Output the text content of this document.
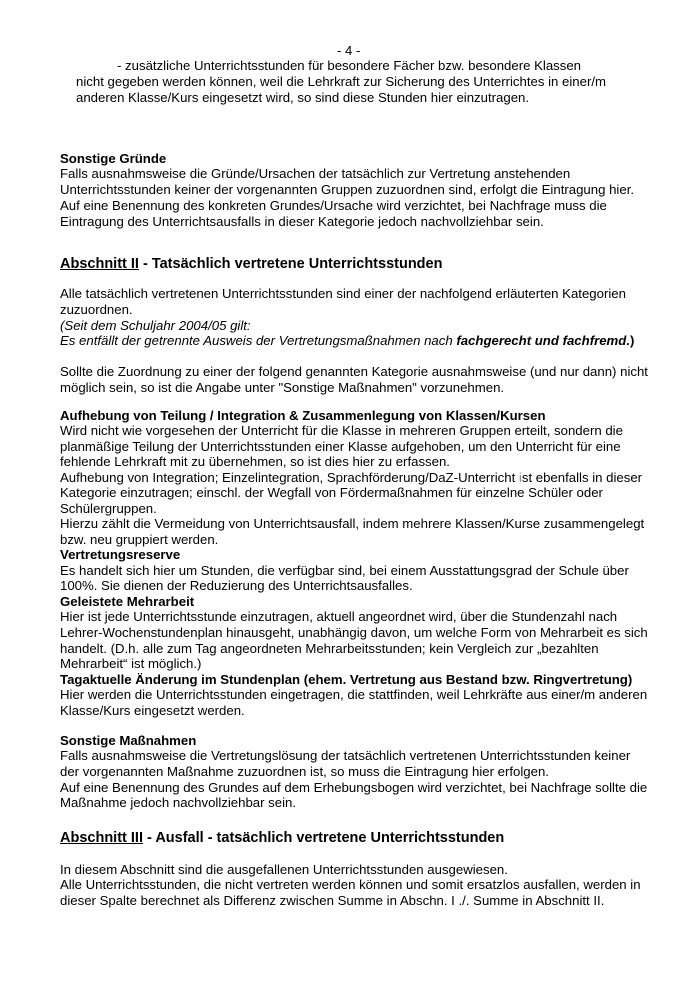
- 4 -
- zusätzliche Unterrichtsstunden für besondere Fächer bzw. besondere Klassen
nicht gegeben werden können, weil die Lehrkraft zur Sicherung des Unterrichtes in einer/m
anderen Klasse/Kurs eingesetzt wird, so sind diese Stunden hier einzutragen.
Sonstige Gründe
Falls ausnahmsweise die Gründe/Ursachen der tatsächlich zur Vertretung anstehenden
Unterrichtsstunden keiner der vorgenannten Gruppen zuzuordnen sind, erfolgt die Eintragung hier.
Auf eine Benennung des konkreten Grundes/Ursache wird verzichtet, bei Nachfrage muss die
Eintragung des Unterrichtsausfalls in dieser Kategorie jedoch nachvollziehbar sein.
Abschnitt II - Tatsächlich vertretene Unterrichtsstunden
Alle tatsächlich vertretenen Unterrichtsstunden sind einer der nachfolgend erläuterten Kategorien
zuzuordnen.
(Seit dem Schuljahr 2004/05 gilt:
Es entfällt der getrennte Ausweis der Vertretungsmaßnahmen nach fachgerecht und fachfremd.)
Sollte die Zuordnung zu einer der folgend genannten Kategorie ausnahmsweise (und nur dann) nicht
möglich sein, so ist die Angabe unter "Sonstige Maßnahmen" vorzunehmen.
Aufhebung von Teilung / Integration & Zusammenlegung von Klassen/Kursen
Wird nicht wie vorgesehen der Unterricht für die Klasse in mehreren Gruppen erteilt, sondern die
planmäßige Teilung der Unterrichtsstunden einer Klasse aufgehoben, um den Unterricht für eine
fehlende Lehrkraft mit zu übernehmen, so ist dies hier zu erfassen.
Aufhebung von Integration; Einzelintegration, Sprachförderung/DaZ-Unterricht ist ebenfalls in dieser
Kategorie einzutragen; einschl. der Wegfall von Fördermaßnahmen für einzelne Schüler oder
Schülergruppen.
Hierzu zählt die Vermeidung von Unterrichtsausfall, indem mehrere Klassen/Kurse zusammengelegt
bzw. neu gruppiert werden.
Vertretungsreserve
Es handelt sich hier um Stunden, die verfügbar sind, bei einem Ausstattungsgrad der Schule über
100%. Sie dienen der Reduzierung des Unterrichtsausfalles.
Geleistete Mehrarbeit
Hier ist jede Unterrichtsstunde einzutragen, aktuell angeordnet wird, über die Stundenzahl nach
Lehrer-Wochenstundenplan hinausgeht, unabhängig davon, um welche Form von Mehrarbeit es sich
handelt. (D.h. alle zum Tag angeordneten Mehrarbeitsstunden; kein Vergleich zur „bezahlten
Mehrarbeit“ ist möglich.)
Tagaktuelle Änderung im Stundenplan (ehem. Vertretung aus Bestand bzw. Ringvertretung)
Hier werden die Unterrichtsstunden eingetragen, die stattfinden, weil Lehrkräfte aus einer/m anderen
Klasse/Kurs eingesetzt werden.
Sonstige Maßnahmen
Falls ausnahmsweise die Vertretungslösung der tatsächlich vertretenen Unterrichtsstunden keiner
der vorgenannten Maßnahme zuzuordnen ist, so muss die Eintragung hier erfolgen.
Auf eine Benennung des Grundes auf dem Erhebungsbogen wird verzichtet, bei Nachfrage sollte die
Maßnahme jedoch nachvollziehbar sein.
Abschnitt III - Ausfall - tatsächlich vertretene Unterrichtsstunden
In diesem Abschnitt sind die ausgefallenen Unterrichtsstunden ausgewiesen.
Alle Unterrichtsstunden, die nicht vertreten werden können und somit ersatzlos ausfallen, werden in
dieser Spalte berechnet als Differenz zwischen Summe in Abschn. I ./. Summe in Abschnitt II.
